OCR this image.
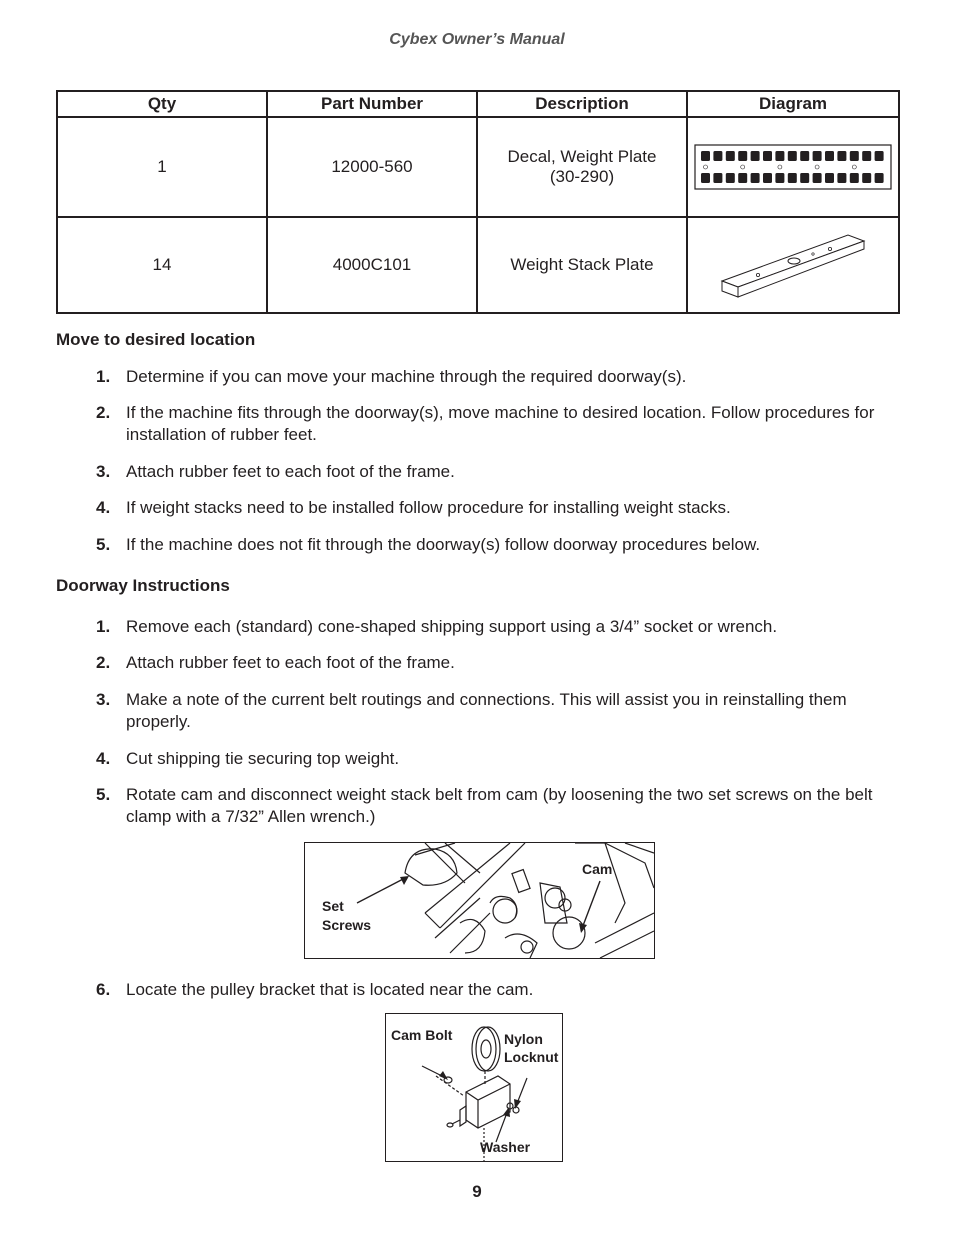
Cybex Owner’s Manual
Qty	Part Number	Description	Diagram
1	12000-560	Decal, Weight Plate
(30-290)	

14	4000C101	Weight Stack Plate	
Move to desired location
1. Determine if you can move your machine through the required doorway(s).
2. If the machine fits through the doorway(s), move machine to desired location. Follow procedures for installation of rubber feet.
3. Attach rubber feet to each foot of the frame.
4. If weight stacks need to be installed follow procedure for installing weight stacks.
5. If the machine does not fit through the doorway(s) follow doorway procedures below.
Doorway Instructions
1. Remove each (standard) cone-shaped shipping support using a 3/4” socket or wrench.
2. Attach rubber feet to each foot of the frame.
3. Make a note of the current belt routings and connections. This will assist you in reinstalling them properly.
4. Cut shipping tie securing top weight.
5. Rotate cam and disconnect weight stack belt from cam (by loosening the two set screws on the belt clamp with a 7/32” Allen wrench.)
Set
Screws
Cam
6. Locate the pulley bracket that is located near the cam.
Cam Bolt	Nylon
Locknut
Washer
9
